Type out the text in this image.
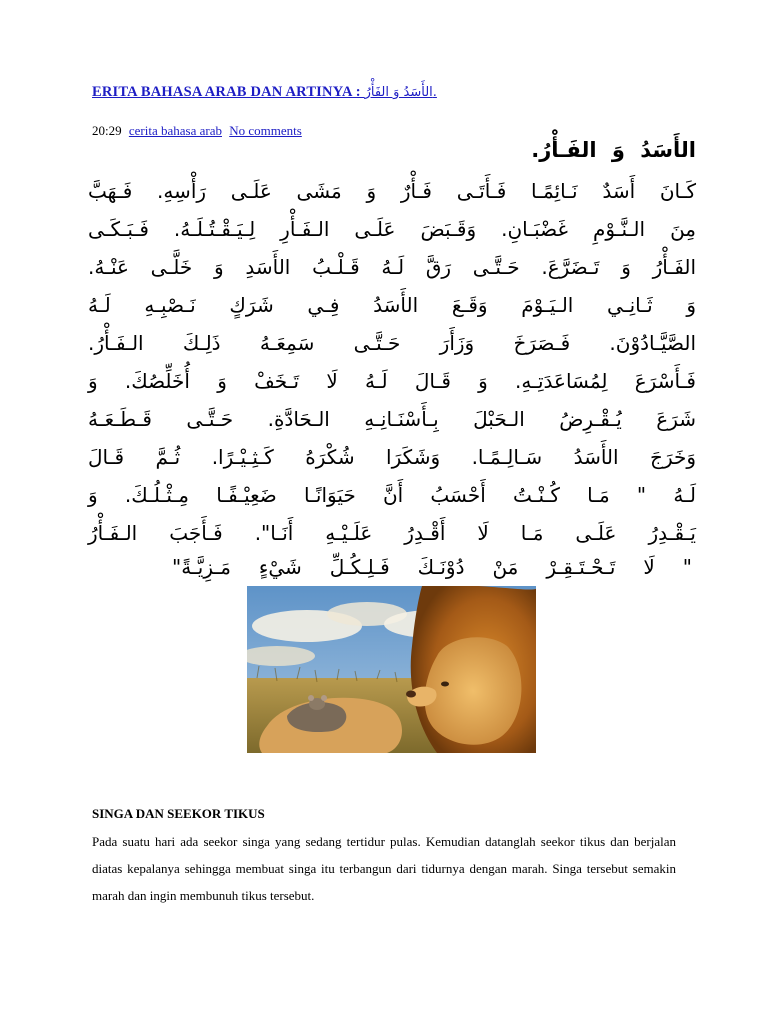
ERITA BAHASA ARAB DAN ARTINYA : الأَسَدُ وَ الفَأْرُ.
20:29 cerita bahasa arab No comments
الأَسَدُ وَ الفَـأْرُ.
كَـانَ أَسَدٌ نَـائِمًـا فَـأَتَـى فَـأْرٌ وَ مَشَى عَلَـى رَأْسِهِ. فَـهَبَّ
مِنَ الـنَّـوْمِ غَضْبَـانِ. وَقَـبَضَ عَلَـى الـفَـأْرِ لِـيَـقْـتُـلَـهُ. فَـبَـكَـى
الفَـأْرُ وَ تَـضَرَّعَ. حَـتَّـى رَقَّ لَـهُ قَـلْـبُ الأَسَدِ وَ خَلَّـى عَنْـهُ.
وَ ثَـانِـي الـيَـوْمَ وَقَـعَ الأَسَدُ فِـي شَرَكٍ نَـصْبِـهِ لَـهُ
الصَّيَّـادُوْنَ. فَـصَرَخَ وَزَأَرَ حَـتَّـى سَمِعَـهُ ذَلِـكَ الـفَـأْرُ.
فَـأَسْرَعَ لِمُسَاعَدَتِـهِ. وَ قَـالَ لَـهُ لَا تَـخَفْ وَ أُخَلِّصُكَ. وَ
شَرَعَ يُـقْـرِضُ الـحَبْلَ بِـأَسْنَـانِـهِ الـحَادَّةِ. حَـتَّـى قَـطَـعَـهُ
وَخَرَجَ الأَسَدُ سَـالِـمًـا. وَشَكَرَا شُكْرَهُ كَـثِـيْـرًا. ثُـمَّ قَـالَ
لَـهُ " مَـا كُـنْـتُ أَحْسَبُ أَنَّ حَيَوَانًـا ضَعِيْـفًـا مِـثْـلُـكَ. وَ
يَـقْـدِرُ عَلَـى مَـا لَا أَقْـدِرُ عَلَـيْـهِ أَنَـا". فَـأَجَبَ الـفَـأْرُ
" لَا تَـحْـتَـقِـرْ مَنْ دُوْنَـكَ فَـلِـكُـلِّ شَيْءٍ مَـزِيَّـةً"
SINGA DAN SEEKOR TIKUS
Pada suatu hari ada seekor singa yang sedang tertidur pulas. Kemudian datanglah seekor tikus dan berjalan diatas kepalanya sehingga membuat singa itu terbangun dari tidurnya dengan marah. Singa tersebut semakin marah dan ingin membunuh tikus tersebut.
